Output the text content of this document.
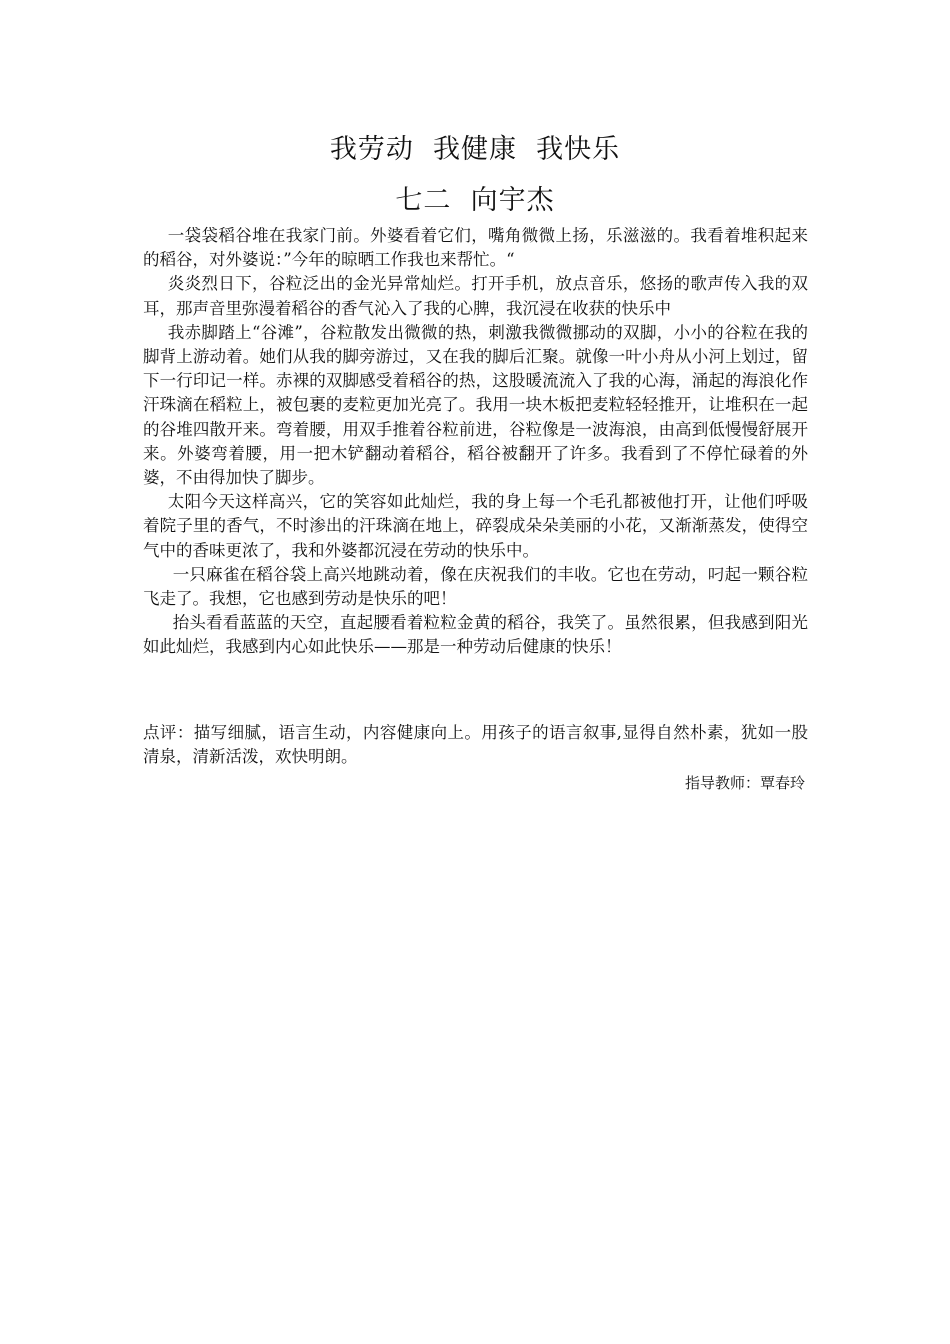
我劳动  我健康  我快乐
七二  向宇杰

一袋袋稻谷堆在我家门前。外婆看着它们，嘴角微微上扬，乐滋滋的。我看着堆积起来的稻谷，对外婆说：”今年的晾晒工作我也来帮忙。“

炎炎烈日下，谷粒泛出的金光异常灿烂。打开手机，放点音乐，悠扬的歌声传入我的双耳，那声音里弥漫着稻谷的香气沁入了我的心脾，我沉浸在收获的快乐中

我赤脚踏上“谷滩”，谷粒散发出微微的热，刺激我微微挪动的双脚，小小的谷粒在我的脚背上游动着。她们从我的脚旁游过，又在我的脚后汇聚。就像一叶小舟从小河上划过，留下一行印记一样。赤裸的双脚感受着稻谷的热，这股暖流流入了我的心海，涌起的海浪化作汗珠滴在稻粒上，被包裹的麦粒更加光亮了。我用一块木板把麦粒轻轻推开，让堆积在一起的谷堆四散开来。弯着腰，用双手推着谷粒前进，谷粒像是一波海浪，由高到低慢慢舒展开来。外婆弯着腰，用一把木铲翻动着稻谷，稻谷被翻开了许多。我看到了不停忙碌着的外婆，不由得加快了脚步。

太阳今天这样高兴，它的笑容如此灿烂，我的身上每一个毛孔都被他打开，让他们呼吸着院子里的香气，不时渗出的汗珠滴在地上，碎裂成朵朵美丽的小花，又渐渐蒸发，使得空气中的香味更浓了，我和外婆都沉浸在劳动的快乐中。

一只麻雀在稻谷袋上高兴地跳动着，像在庆祝我们的丰收。它也在劳动，叼起一颗谷粒飞走了。我想，它也感到劳动是快乐的吧！

抬头看看蓝蓝的天空，直起腰看着粒粒金黄的稻谷，我笑了。虽然很累，但我感到阳光如此灿烂，我感到内心如此快乐——那是一种劳动后健康的快乐！

点评：描写细腻，语言生动，内容健康向上。用孩子的语言叙事,显得自然朴素，犹如一股清泉，清新活泼，欢快明朗。

指导教师：覃春玲
